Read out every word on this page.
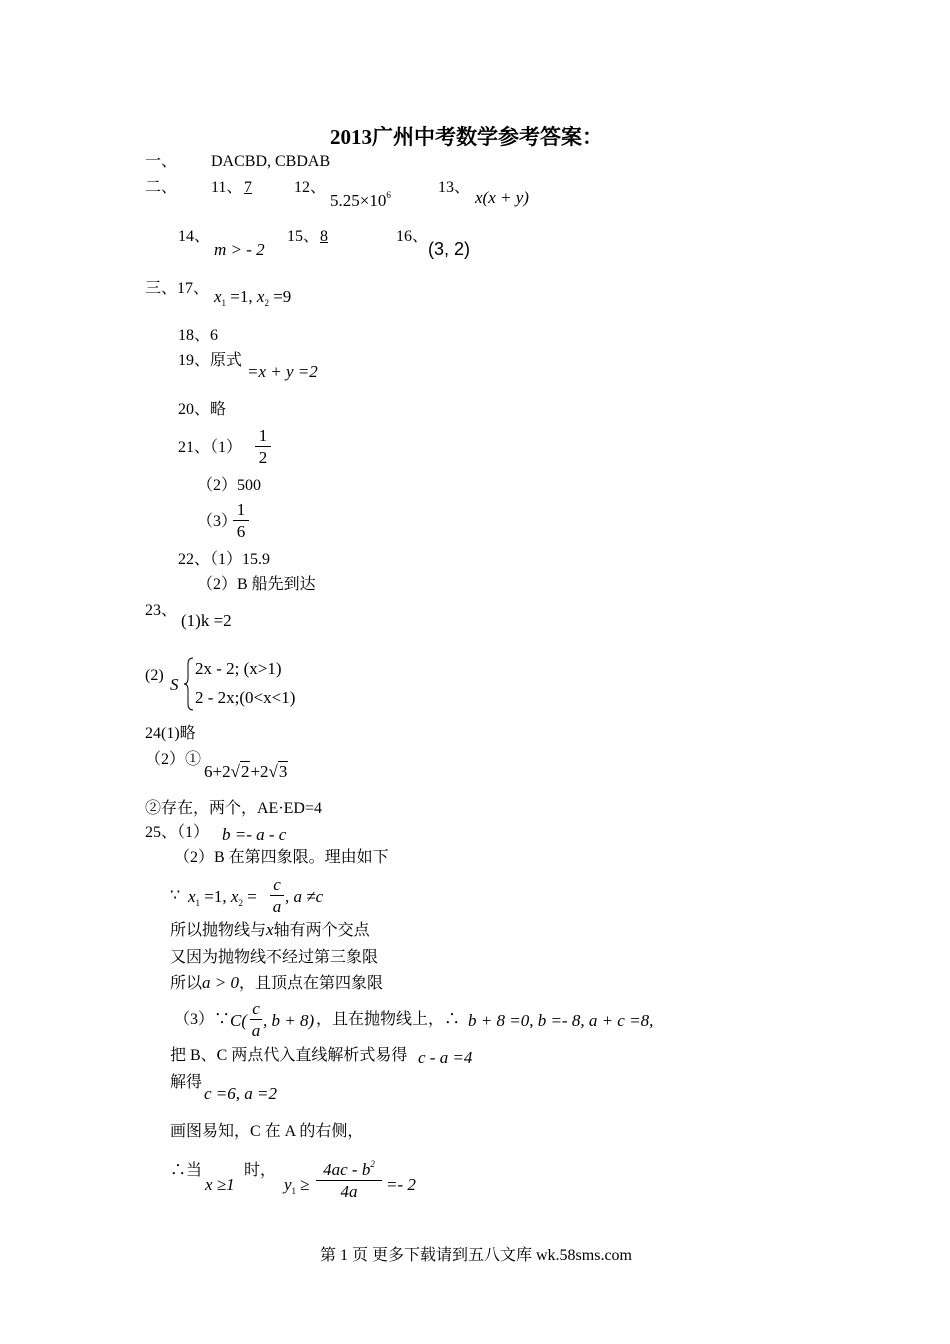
2013广州中考数学参考答案：
一、 DACBD, CBDAB
二、 11、 7	12、
$5.25\times 10^6$	13、
x(x + y)
14、
m > - 2
15、 8	16、
(3, 2)
三、17、 $x_1 =1$, $x_2 =9$
18、6
19、原式
=x + y =2
20、略
21、（1）
1
2
（2）500
（3）
1
6
22、（1）15.9
（2）B 船先到达
23、
(1)k =2
(2) S
2x - 2; (x>1)
2 - 2x;(0<x<1)
24(1)略
（2）①
6+2√2+2√3
②存在，两个，AE·ED=4
25、（1） b =- a - c
（2）B 在第四象限。理由如下
∵ $x_1 =1$, $x_2$ =
c
a
, a ≠c
所以抛物线与x轴有两个交点
又因为抛物线不经过第三象限
所以a > 0，且顶点在第四象限
（3）∵ C(
c
a
, b + 8) ，且在抛物线上，∴ b + 8 =0, b =- 8, a + c =8,
把 B、C 两点代入直线解析式易得 c - a =4
解得
c =6, a =2
画图易知，C 在 A 的右侧，
∴当
x ≥1
时，
$y_1$ ≥
$4ac - b^2$
4a	=- 2
第 1 页 更多下载请到五八文库 wk.58sms.com
